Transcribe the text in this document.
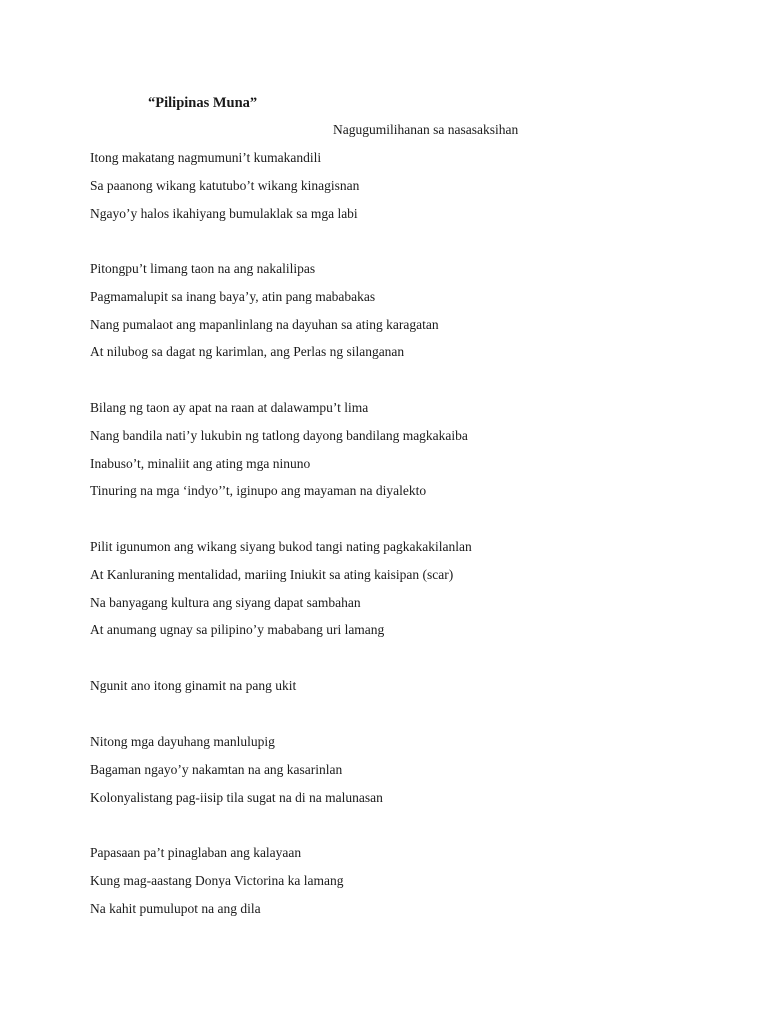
“Pilipinas Muna”

Nagugumilihanan sa nasasaksihan

Itong makatang nagmumuni’t kumakandili
Sa paanong wikang katutubo’t wikang kinagisnan
Ngayo’y halos ikahiyang bumulaklak sa mga labi
Pitongpu’t limang taon na ang nakalilipas
Pagmamalupit sa inang baya’y, atin pang mababakas
Nang pumalaot ang mapanlinlang na dayuhan sa ating karagatan
At nilubog sa dagat ng karimlan, ang Perlas ng silanganan
Bilang ng taon ay apat na raan at dalawampu’t lima
Nang bandila nati’y lukubin ng tatlong dayong bandilang magkakaiba
Inabuso’t, minaliit ang ating mga ninuno
Tinuring na mga ‘indyo’’t, iginupo ang mayaman na diyalekto
Pilit igunumon ang wikang siyang bukod tangi nating pagkakakilanlan
At Kanluraning mentalidad, mariing Iniukit sa ating kaisipan (scar)
Na banyagang kultura ang siyang dapat sambahan
At anumang ugnay sa pilipino’y mababang uri lamang
Ngunit ano itong ginamit na pang ukit
Nitong mga dayuhang manlulupig
Bagaman ngayo’y nakamtan na ang kasarinlan
Kolonyalistang pag-iisip tila sugat na di na malunasan
Papasaan pa’t pinaglaban ang kalayaan
Kung mag-aastang Donya Victorina ka lamang
Na kahit pumulupot na ang dila
